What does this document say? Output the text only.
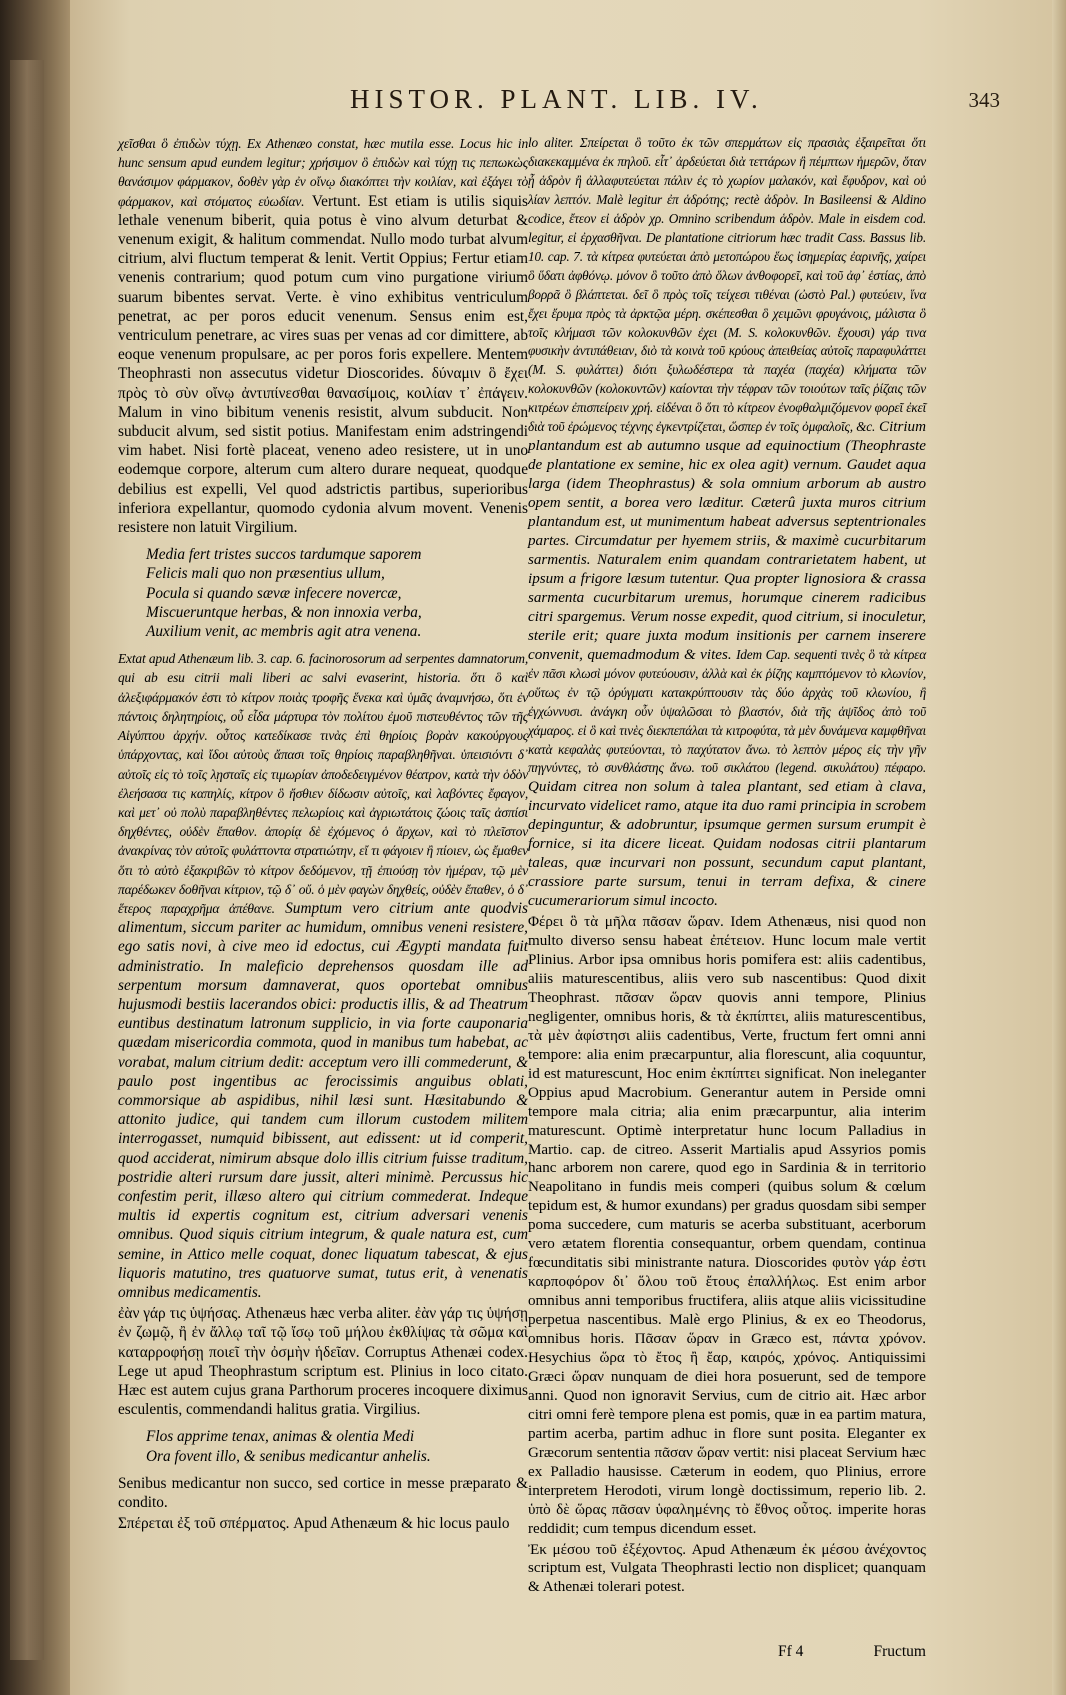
HISTOR. PLANT. LIB. IV.	343

χεῖσθαι ὃ ἐπιδὼν τύχῃ. Ex Athenæo constat, hæc mutila esse. Locus hic in hunc sensum apud eundem legitur; χρήσιμον ὃ ἐπιδὼν καὶ τύχῃ τις πεπωκὼς θανάσιμον φάρμακον, δοθὲν γὰρ ἐν οἴνῳ διακόπτει τὴν κοιλίαν, καὶ ἐξάγει τὸ φάρμακον, καὶ στόματος εὐωδίαν. Vertunt. Est etiam is utilis siquis lethale venenum biberit, quia potus è vino alvum deturbat & venenum exigit, & halitum commendat. Nullo modo turbat alvum citrium, alvi fluctum temperat & lenit. Vertit Oppius; Fertur etiam venenis contrarium; quod potum cum vino purgatione virium suarum bibentes servat. Verte. è vino exhibitus ventriculum penetrat, ac per poros educit venenum. Sensus enim est, ventriculum penetrare, ac vires suas per venas ad cor dimittere, ab eoque venenum propulsare, ac per poros foris expellere. Mentem Theophrasti non assecutus videtur Dioscorides. δύναμιν ὃ ἔχει πρὸς τὸ σὺν οἴνῳ ἀντιπίνεσθαι θανασίμοις, κοιλίαν τ᾿ ἐπάγειν. Malum in vino bibitum venenis resistit, alvum subducit. Non subducit alvum, sed sistit potius. Manifestam enim adstringendi vim habet. Nisi fortè placeat, veneno adeo resistere, ut in uno eodemque corpore, alterum cum altero durare nequeat, quodque debilius est expelli, Vel quod adstrictis partibus, superioribus inferiora expellantur, quomodo cydonia alvum movent. Venenis resistere non latuit Virgilium.

Media fert tristes succos tardumque saporem
Felicis mali quo non præsentius ullum,
Pocula si quando sævæ infecere novercæ,
Miscueruntque herbas, & non innoxia verba,
Auxilium venit, ac membris agit atra venena.

Extat apud Athenæum lib. 3. cap. 6. facinorosorum ad serpentes damnatorum, qui ab esu citrii mali liberi ac salvi evaserint, historia. ὅτι ὃ καὶ ἀλεξιφάρμακόν ἐστι τὸ κίτρον ποιὰς τροφῆς ἕνεκα καὶ ὑμᾶς ἀναμνήσω, ὅτι ἐν πάντοις δηλητηρίοις, οὗ εἶδα μάρτυρα τὸν πολίτου ἐμοῦ πιστευθέντος τῶν τῆς Αἰγύπτου ἀρχήν. οὗτος κατεδίκασε τινὰς ἐπὶ θηρίοις βορὰν κακούργους ὑπάρχοντας, καὶ ἴδοι αὐτοὺς ἄπασι τοῖς θηρίοις παραβληθῆναι. ὑπεισιόντι δ᾿ αὐτοῖς εἰς τὸ τοῖς λῃσταῖς εἰς τιμωρίαν ἀποδεδειγμένον θέατρον, κατὰ τὴν ὁδὸν ἐλεήσασα τις καπηλίς, κίτρον ὃ ἤσθιεν δίδωσιν αὐτοῖς, καὶ λαβόντες ἔφαγον, καὶ μετ᾿ οὐ πολὺ παραβληθέντες πελωρίοις καὶ ἀγριωτάτοις ζώοις ταῖς ἀσπίσι δηχθέντες, οὐδὲν ἔπαθον. ἀπορίᾳ δὲ ἐχόμενος ὁ ἄρχων, καὶ τὸ πλεῖστον ἀνακρίνας τὸν αὐτοῖς φυλάττοντα στρατιώτην, εἴ τι φάγοιεν ἢ πίοιεν, ὡς ἔμαθεν ὅτι τὸ αὐτὸ ἐξακριβῶν τὸ κίτρον δεδόμενον, τῇ ἐπιούσῃ τὸν ἡμέραν, τῷ μὲν παρέδωκεν δοθῆναι κίτριον, τῷ δ᾿ οὔ. ὁ μὲν φαγὼν δηχθείς, οὐδὲν ἔπαθεν, ὁ δ᾿ ἕτερος παραχρῆμα ἀπέθανε. Sumptum vero citrium ante quodvis alimentum, siccum pariter ac humidum, omnibus veneni resistere, ego satis novi, à cive meo id edoctus, cui Ægypti mandata fuit administratio. In maleficio deprehensos quosdam ille ad serpentum morsum damnaverat, quos oportebat omnibus hujusmodi bestiis lacerandos obici: productis illis, & ad Theatrum euntibus destinatum latronum supplicio, in via forte cauponaria quædam misericordia commota, quod in manibus tum habebat, ac vorabat, malum citrium dedit: acceptum vero illi commederunt, & paulo post ingentibus ac ferocissimis anguibus oblati, commorsique ab aspidibus, nihil læsi sunt. Hæsitabundo & attonito judice, qui tandem cum illorum custodem militem interrogasset, numquid bibissent, aut edissent: ut id comperit, quod acciderat, nimirum absque dolo illis citrium fuisse traditum, postridie alteri rursum dare jussit, alteri minimè. Percussus hic confestim perit, illæso altero qui citrium commederat. Indeque multis id expertis cognitum est, citrium adversari venenis omnibus. Quod siquis citrium integrum, & quale natura est, cum semine, in Attico melle coquat, donec liquatum tabescat, & ejus liquoris matutino, tres quatuorve sumat, tutus erit, à venenatis omnibus medicamentis.

ἐὰν γάρ τις ὑψήσας. Athenæus hæc verba aliter. ἐὰν γάρ τις ὑψήσῃ ἐν ζωμῷ, ἢ ἐν ἄλλῳ ταῖ τῷ ἴσῳ τοῦ μήλου ἐκθλίψας τὰ σῶμα καὶ καταρροφήσῃ ποιεῖ τὴν ὀσμὴν ἡδεῖαν. Corruptus Athenæi codex. Lege ut apud Theophrastum scriptum est. Plinius in loco citato. Hæc est autem cujus grana Parthorum proceres incoquere diximus esculentis, commendandi halitus gratia. Virgilius.

Flos apprime tenax, animas & olentia Medi
Ora fovent illo, & senibus medicantur anhelis.

Senibus medicantur non succo, sed cortice in messe præparato & condito.

Σπέρεται ἐξ τοῦ σπέρματος. Apud Athenæum & hic locus paulo

lo aliter. Σπείρεται ὃ τοῦτο ἐκ τῶν σπερμάτων εἰς πρασιὰς ἐξαιρεῖται ὅτι διακεκαμμένα ἐκ πηλοῦ. εἶτ᾿ ἀρδεύεται διὰ τεττάρων ἢ πέμπτων ἡμερῶν, ὅταν ᾖ ἁδρὸν ἢ ἀλλαφυτεύεται πάλιν ἐς τὸ χωρίον μαλακόν, καὶ ἔφυδρον, καὶ οὐ λίαν λεπτόν. Malè legitur ἐπ ἁδρότης; rectè ἁδρὸν. In Basileensi & Aldino codice, ἔτεον εἰ ἁδρὸν χρ. Omnino scribendum ἁδρὸν. Male in eisdem cod. legitur, εἰ ἐρχασθῆναι. De plantatione citriorum hæc tradit Cass. Bassus lib. 10. cap. 7. τὰ κίτρεα φυτεύεται ἀπὸ μετοπώρου ἕως ἰσημερίας ἐαρινῆς, χαίρει ὃ ὕδατι ἀφθόνῳ. μόνον ὃ τοῦτο ἀπὸ ὅλων ἀνθοφορεῖ, καὶ τοῦ ἀφ᾿ ἑστίας, ἀπὸ βορρᾶ ὃ βλάπτεται. δεῖ ὃ πρὸς τοῖς τείχεσι τιθέναι (ὠστὸ Pal.) φυτεύειν, ἵνα ἔχει ἔρυμα πρὸς τὰ ἀρκτῷα μέρη. σκέπεσθαι ὃ χειμῶνι φρυγάνοις, μάλιστα ὃ τοῖς κλήμασι τῶν κολοκυνθῶν ἐχει (M. S. κολοκυνθῶν. ἔχουσι) γάρ τινα φυσικὴν ἀντιπάθειαν, διὸ τὰ κοινὰ τοῦ κρύους ἀπειθείας αὐτοῖς παραφυλάττει (M. S. φυλάττει) διότι ξυλωδέστερα τὰ παχέα (παχέα) κλήματα τῶν κολοκυνθῶν (κολοκυντῶν) καίονται τὴν τέφραν τῶν τοιούτων ταῖς ῥίζαις τῶν κιτρέων ἐπισπείρειν χρή. εἰδέναι ὃ ὅτι τὸ κίτρεον ἐνοφθαλμιζόμενον φορεῖ ἐκεῖ διὰ τοῦ ἐρώμενος τέχνης ἐγκεντρίζεται, ὥσπερ ἐν τοῖς ὀμφαλοῖς, &c. Citrium plantandum est ab autumno usque ad equinoctium (Theophraste de plantatione ex semine, hic ex olea agit) vernum. Gaudet aqua larga (idem Theophrastus) & sola omnium arborum ab austro opem sentit, a borea vero læditur. Cæterû juxta muros citrium plantandum est, ut munimentum habeat adversus septentrionales partes. Circumdatur per hyemem striis, & maximè cucurbitarum sarmentis. Naturalem enim quandam contrarietatem habent, ut ipsum a frigore læsum tutentur. Qua propter lignosiora & crassa sarmenta cucurbitarum uremus, horumque cinerem radicibus citri spargemus. Verum nosse expedit, quod citrium, si inoculetur, sterile erit; quare juxta modum insitionis per carnem inserere convenit, quemadmodum & vites. Idem Cap. sequenti τινὲς ὃ τὰ κίτρεα ἐν πᾶσι κλωσὶ μόνον φυτεύουσιν, ἀλλὰ καὶ ἐκ ῥίζης καμπτόμενον τὸ κλωνίον, οὕτως ἐν τῷ ὀρύγματι κατακρύπτουσιν τὰς δύο ἀρχὰς τοῦ κλωνίου, ἢ ἐγχώννυσι. ἀνάγκη οὖν ὑψαλῶσαι τὸ βλαστόν, διὰ τῆς ἁψῖδος ἀπὸ τοῦ χάμαρος. εἰ ὃ καὶ τινὲς διεκπεπάλαι τὰ κιτροφύτα, τὰ μὲν δυνάμενα καμφθῆναι κατὰ κεφαλὰς φυτεύονται, τὸ παχύτατον ἄνω. τὸ λεπτὸν μέρος εἰς τὴν γῆν πηγνύντες, τὸ συνθλάστης ἄνω. τοῦ σικλάτου (legend. σικυλάτου) πέφαρο. Quidam citrea non solum à talea plantant, sed etiam à clava, incurvato videlicet ramo, atque ita duo rami principia in scrobem depinguntur, & adobruntur, ipsumque germen sursum erumpit è fornice, si ita dicere liceat. Quidam nodosas citrii plantarum taleas, quæ incurvari non possunt, secundum caput plantant, crassiore parte sursum, tenui in terram defixa, & cinere cucumerariorum simul incocto.

Φέρει ὃ τὰ μῆλα πᾶσαν ὥραν. Idem Athenæus, nisi quod non multo diverso sensu habeat ἐπέτειον. Hunc locum male vertit Plinius. Arbor ipsa omnibus horis pomifera est: aliis cadentibus, aliis maturescentibus, aliis vero sub nascentibus: Quod dixit Theophrast. πᾶσαν ὥραν quovis anni tempore, Plinius negligenter, omnibus horis, & τὰ ἐκπίπτει, aliis maturescentibus, τὰ μὲν ἀφίστησι aliis cadentibus, Verte, fructum fert omni anni tempore: alia enim præcarpuntur, alia florescunt, alia coquuntur, id est maturescunt, Hoc enim ἐκπίπτει significat. Non ineleganter Oppius apud Macrobium. Generantur autem in Perside omni tempore mala citria; alia enim præcarpuntur, alia interim maturescunt. Optimè interpretatur hunc locum Palladius in Martio. cap. de citreo. Asserit Martialis apud Assyrios pomis hanc arborem non carere, quod ego in Sardinia & in territorio Neapolitano in fundis meis comperi (quibus solum & cœlum tepidum est, & humor exundans) per gradus quosdam sibi semper poma succedere, cum maturis se acerba substituant, acerborum vero ætatem florentia consequantur, orbem quendam, continua fœcunditatis sibi ministrante natura. Dioscorides φυτὸν γάρ ἐστι καρποφόρον δι᾿ ὅλου τοῦ ἔτους ἐπαλλήλως. Est enim arbor omnibus anni temporibus fructifera, aliis atque aliis vicissitudine perpetua nascentibus. Malè ergo Plinius, & ex eo Theodorus, omnibus horis. Πᾶσαν ὥραν in Græco est, πάντα χρόνον. Hesychius ὥρα τὸ ἔτος ἢ ἔαρ, καιρός, χρόνος. Antiquissimi Græci ὥραν nunquam de diei hora posuerunt, sed de tempore anni. Quod non ignoravit Servius, cum de citrio ait. Hæc arbor citri omni ferè tempore plena est pomis, quæ in ea partim matura, partim acerba, partim adhuc in flore sunt posita. Eleganter ex Græcorum sententia πᾶσαν ὥραν vertit: nisi placeat Servium hæc ex Palladio hausisse. Cæterum in eodem, quo Plinius, errore interpretem Herodoti, virum longè doctissimum, reperio lib. 2. ὑπὸ δὲ ὥρας πᾶσαν ὑφαλημένης τὸ ἔθνος οὗτος. imperite horas reddidit; cum tempus dicendum esset.

Ἐκ μέσου τοῦ ἐξέχοντος. Apud Athenæum ἐκ μέσου ἀνέχοντος scriptum est, Vulgata Theophrasti lectio non displicet; quanquam & Athenæi tolerari potest.

Ff 4	Fructum
